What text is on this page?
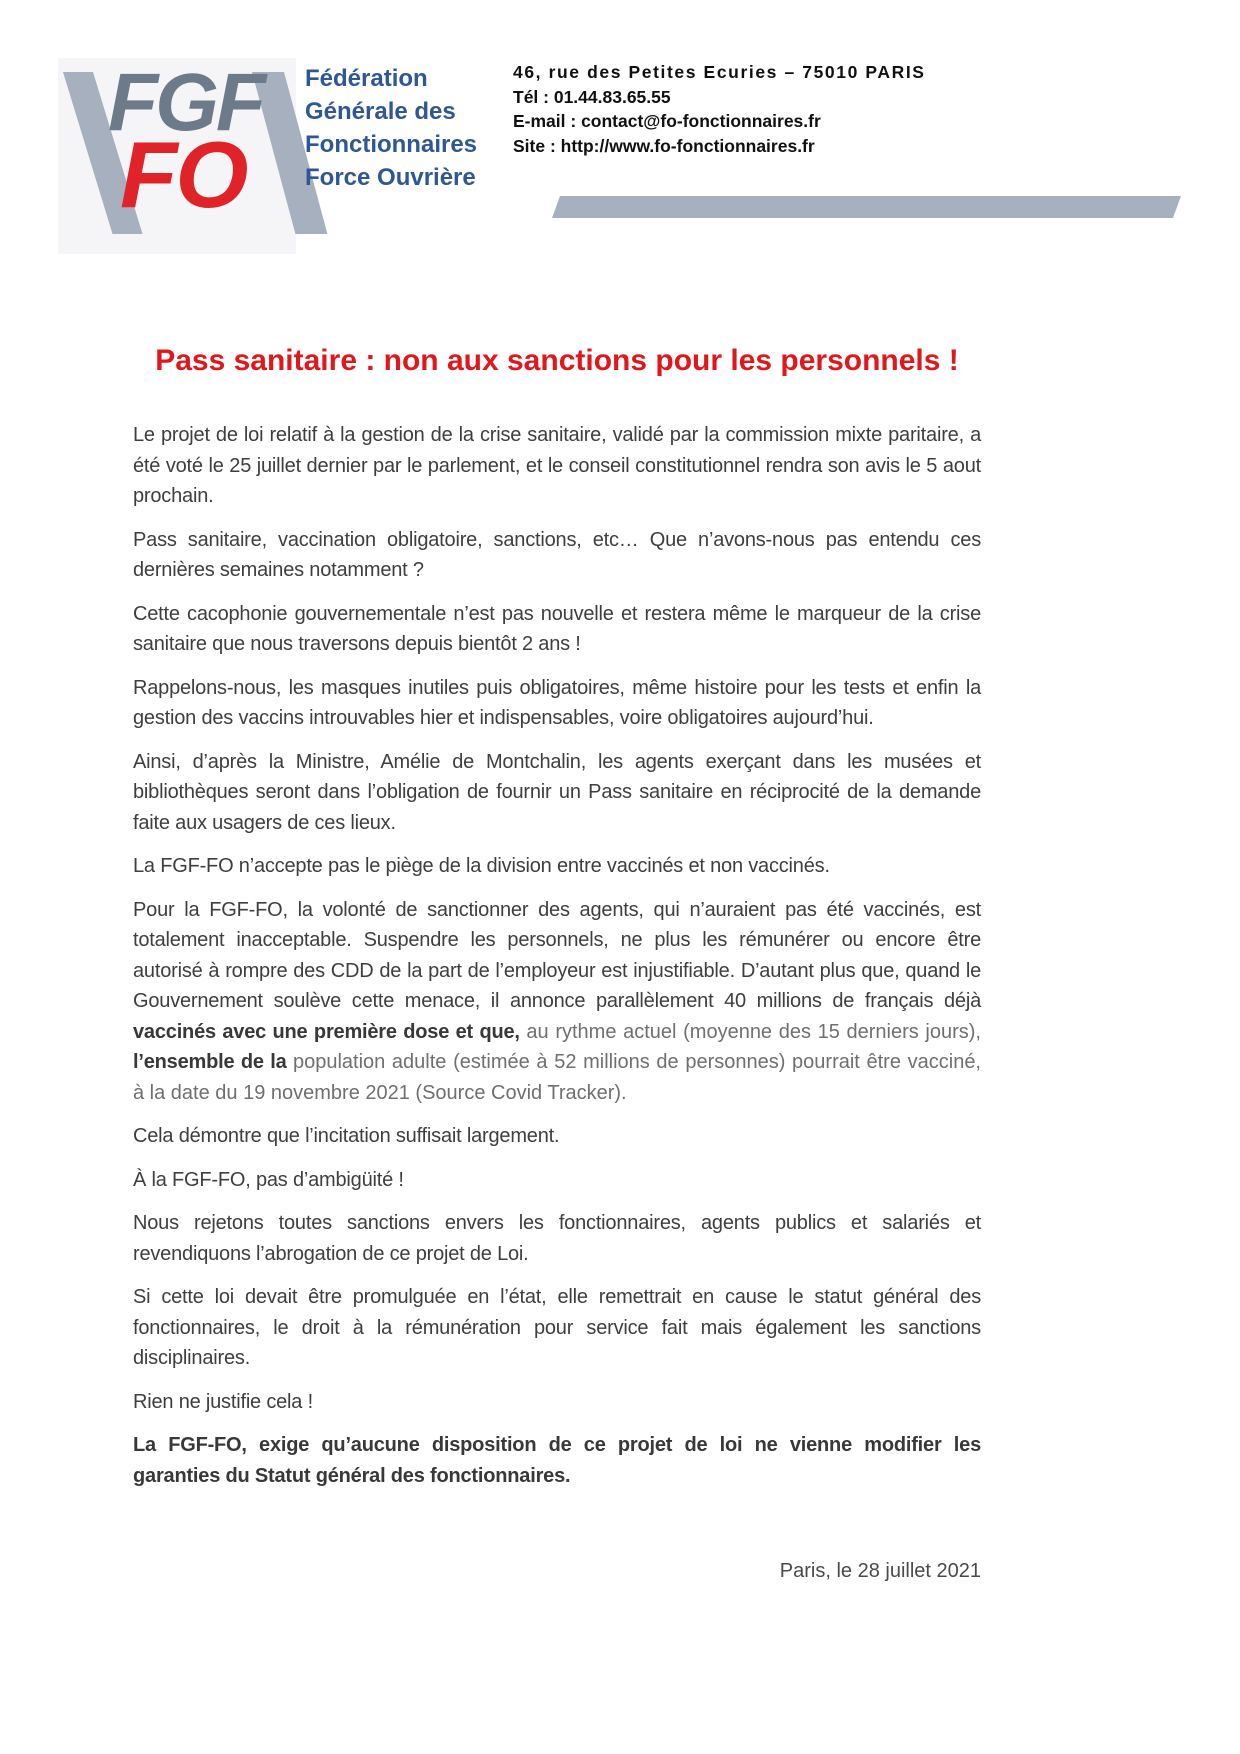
FGF
FO
Fédération
Générale des
Fonctionnaires
Force Ouvrière
46, rue des Petites Ecuries – 75010 PARIS
Tél : 01.44.83.65.55
E-mail : contact@fo-fonctionnaires.fr
Site : http://www.fo-fonctionnaires.fr
Pass sanitaire : non aux sanctions pour les personnels !

Le projet de loi relatif à la gestion de la crise sanitaire, validé par la commission mixte paritaire, a été voté le 25 juillet dernier par le parlement, et le conseil constitutionnel rendra son avis le 5 aout prochain.

Pass sanitaire, vaccination obligatoire, sanctions, etc… Que n’avons-nous pas entendu ces dernières semaines notamment ?

Cette cacophonie gouvernementale n’est pas nouvelle et restera même le marqueur de la crise sanitaire que nous traversons depuis bientôt 2 ans !

Rappelons-nous, les masques inutiles puis obligatoires, même histoire pour les tests et enfin la gestion des vaccins introuvables hier et indispensables, voire obligatoires aujourd’hui.

Ainsi, d’après la Ministre, Amélie de Montchalin, les agents exerçant dans les musées et bibliothèques seront dans l’obligation de fournir un Pass sanitaire en réciprocité de la demande faite aux usagers de ces lieux.

La FGF-FO n’accepte pas le piège de la division entre vaccinés et non vaccinés.

Pour la FGF-FO, la volonté de sanctionner des agents, qui n’auraient pas été vaccinés, est totalement inacceptable. Suspendre les personnels, ne plus les rémunérer ou encore être autorisé à rompre des CDD de la part de l’employeur est injustifiable. D’autant plus que, quand le Gouvernement soulève cette menace, il annonce parallèlement 40 millions de français déjà vaccinés avec une première dose et que, au rythme actuel (moyenne des 15 derniers jours), l’ensemble de la population adulte (estimée à 52 millions de personnes) pourrait être vacciné, à la date du 19 novembre 2021 (Source Covid Tracker).

Cela démontre que l’incitation suffisait largement.

À la FGF-FO, pas d’ambigüité !

Nous rejetons toutes sanctions envers les fonctionnaires, agents publics et salariés et revendiquons l’abrogation de ce projet de Loi.

Si cette loi devait être promulguée en l’état, elle remettrait en cause le statut général des fonctionnaires, le droit à la rémunération pour service fait mais également les sanctions disciplinaires.

Rien ne justifie cela !

La FGF-FO, exige qu’aucune disposition de ce projet de loi ne vienne modifier les garanties du Statut général des fonctionnaires.

Paris, le 28 juillet 2021
